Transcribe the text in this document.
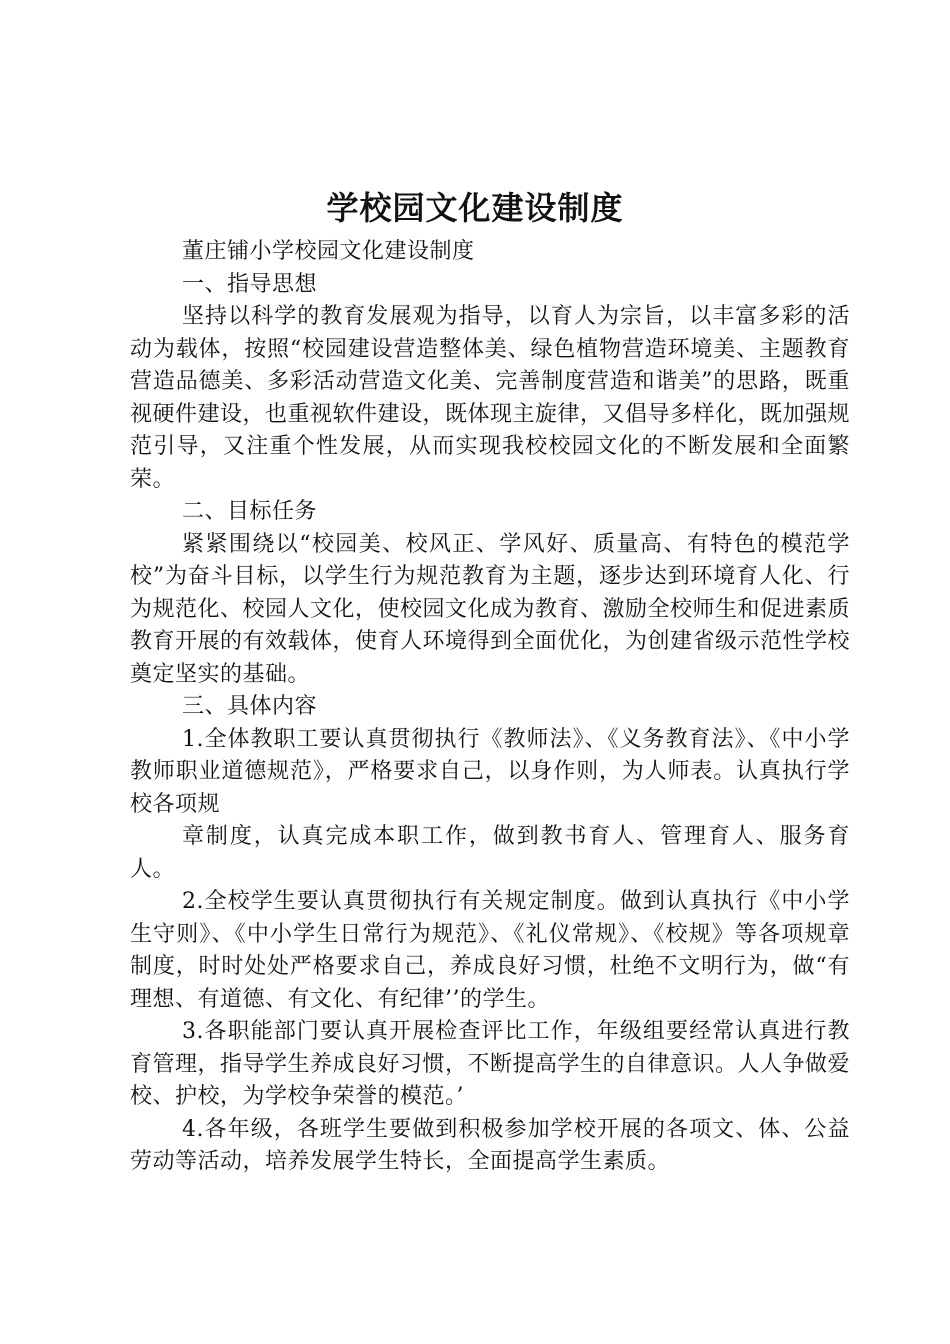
学校园文化建设制度

董庄铺小学校园文化建设制度

一、指导思想

坚持以科学的教育发展观为指导，以育人为宗旨，以丰富多彩的活动为载体，按照“校园建设营造整体美、绿色植物营造环境美、主题教育营造品德美、多彩活动营造文化美、完善制度营造和谐美”的思路，既重视硬件建设，也重视软件建设，既体现主旋律，又倡导多样化，既加强规范引导，又注重个性发展，从而实现我校校园文化的不断发展和全面繁荣。

二、目标任务

紧紧围绕以“校园美、校风正、学风好、质量高、有特色的模范学校”为奋斗目标，以学生行为规范教育为主题，逐步达到环境育人化、行为规范化、校园人文化，使校园文化成为教育、激励全校师生和促进素质教育开展的有效载体，使育人环境得到全面优化，为创建省级示范性学校奠定坚实的基础。

三、具体内容

1.全体教职工要认真贯彻执行《教师法》、《义务教育法》、《中小学教师职业道德规范》，严格要求自己，以身作则，为人师表。认真执行学校各项规

章制度，认真完成本职工作，做到教书育人、管理育人、服务育人。

2.全校学生要认真贯彻执行有关规定制度。做到认真执行《中小学生守则》、《中小学生日常行为规范》、《礼仪常规》、《校规》等各项规章制度，时时处处严格要求自己，养成良好习惯，杜绝不文明行为，做“有理想、有道德、有文化、有纪律’’的学生。

3.各职能部门要认真开展检查评比工作，年级组要经常认真进行教育管理，指导学生养成良好习惯，不断提高学生的自律意识。人人争做爱校、护校，为学校争荣誉的模范。’

4.各年级，各班学生要做到积极参加学校开展的各项文、体、公益劳动等活动，培养发展学生特长，全面提高学生素质。
